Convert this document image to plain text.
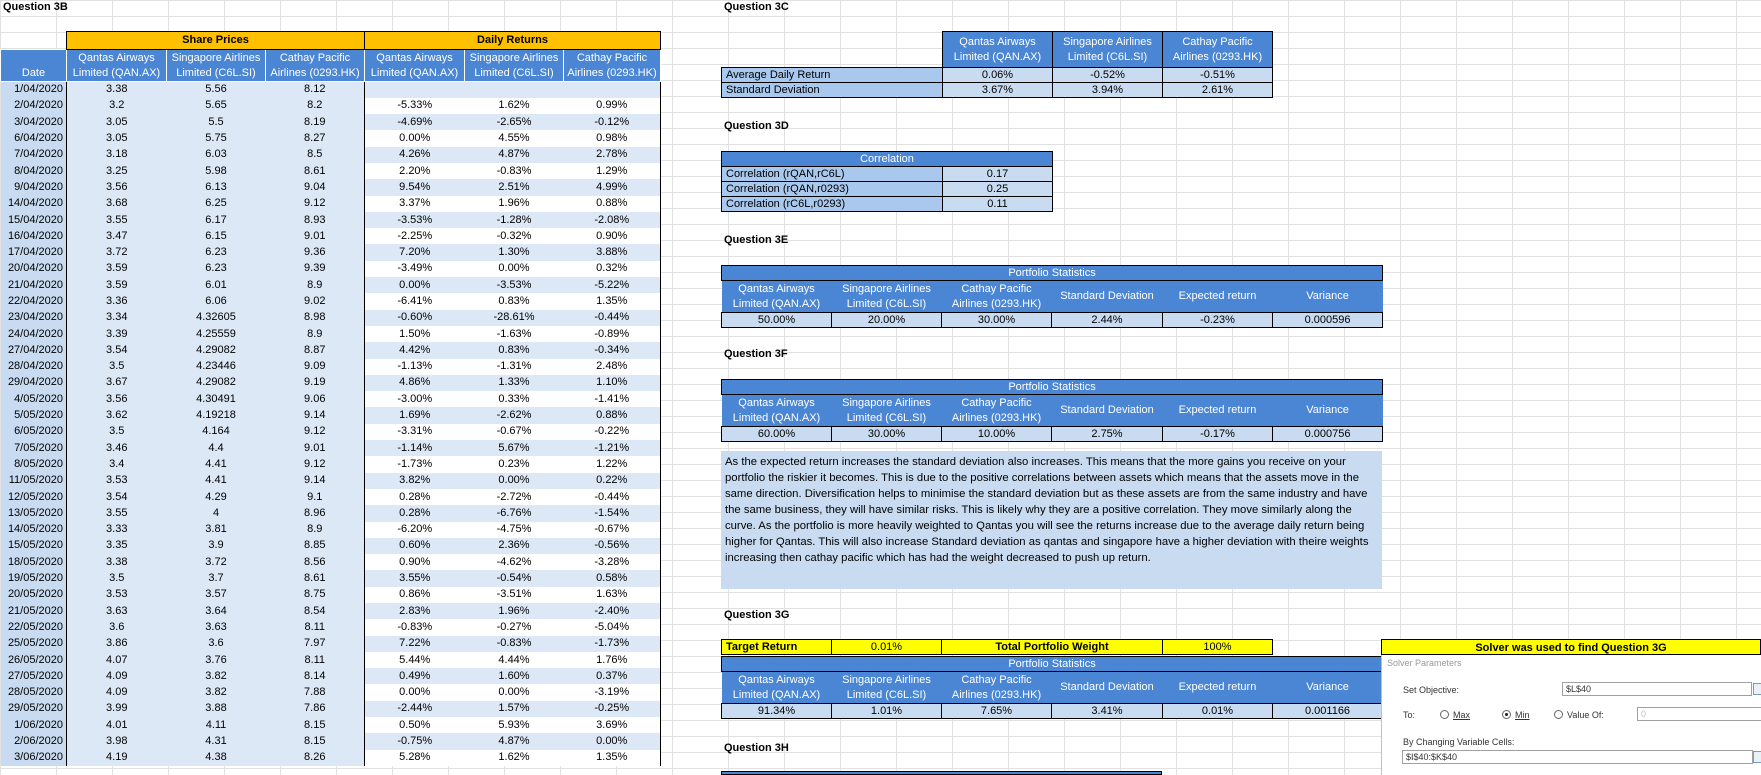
Question 3B
	Share Prices			Daily Returns		
Date	Qantas Airways Limited (QAN.AX)	Singapore Airlines Limited (C6L.SI)	Cathay Pacific Airlines (0293.HK)	Qantas Airways Limited (QAN.AX)	Singapore Airlines Limited (C6L.SI)	Cathay Pacific Airlines (0293.HK)
1/04/2020	3.38	5.56	8.12			
2/04/2020	3.2	5.65	8.2	-5.33%	1.62%	0.99%
3/04/2020	3.05	5.5	8.19	-4.69%	-2.65%	-0.12%
6/04/2020	3.05	5.75	8.27	0.00%	4.55%	0.98%
7/04/2020	3.18	6.03	8.5	4.26%	4.87%	2.78%
8/04/2020	3.25	5.98	8.61	2.20%	-0.83%	1.29%
9/04/2020	3.56	6.13	9.04	9.54%	2.51%	4.99%
14/04/2020	3.68	6.25	9.12	3.37%	1.96%	0.88%
15/04/2020	3.55	6.17	8.93	-3.53%	-1.28%	-2.08%
16/04/2020	3.47	6.15	9.01	-2.25%	-0.32%	0.90%
17/04/2020	3.72	6.23	9.36	7.20%	1.30%	3.88%
20/04/2020	3.59	6.23	9.39	-3.49%	0.00%	0.32%
21/04/2020	3.59	6.01	8.9	0.00%	-3.53%	-5.22%
22/04/2020	3.36	6.06	9.02	-6.41%	0.83%	1.35%
23/04/2020	3.34	4.32605	8.98	-0.60%	-28.61%	-0.44%
24/04/2020	3.39	4.25559	8.9	1.50%	-1.63%	-0.89%
27/04/2020	3.54	4.29082	8.87	4.42%	0.83%	-0.34%
28/04/2020	3.5	4.23446	9.09	-1.13%	-1.31%	2.48%
29/04/2020	3.67	4.29082	9.19	4.86%	1.33%	1.10%
4/05/2020	3.56	4.30491	9.06	-3.00%	0.33%	-1.41%
5/05/2020	3.62	4.19218	9.14	1.69%	-2.62%	0.88%
6/05/2020	3.5	4.164	9.12	-3.31%	-0.67%	-0.22%
7/05/2020	3.46	4.4	9.01	-1.14%	5.67%	-1.21%
8/05/2020	3.4	4.41	9.12	-1.73%	0.23%	1.22%
11/05/2020	3.53	4.41	9.14	3.82%	0.00%	0.22%
12/05/2020	3.54	4.29	9.1	0.28%	-2.72%	-0.44%
13/05/2020	3.55	4	8.96	0.28%	-6.76%	-1.54%
14/05/2020	3.33	3.81	8.9	-6.20%	-4.75%	-0.67%
15/05/2020	3.35	3.9	8.85	0.60%	2.36%	-0.56%
18/05/2020	3.38	3.72	8.56	0.90%	-4.62%	-3.28%
19/05/2020	3.5	3.7	8.61	3.55%	-0.54%	0.58%
20/05/2020	3.53	3.57	8.75	0.86%	-3.51%	1.63%
21/05/2020	3.63	3.64	8.54	2.83%	1.96%	-2.40%
22/05/2020	3.6	3.63	8.11	-0.83%	-0.27%	-5.04%
25/05/2020	3.86	3.6	7.97	7.22%	-0.83%	-1.73%
26/05/2020	4.07	3.76	8.11	5.44%	4.44%	1.76%
27/05/2020	4.09	3.82	8.14	0.49%	1.60%	0.37%
28/05/2020	4.09	3.82	7.88	0.00%	0.00%	-3.19%
29/05/2020	3.99	3.88	7.86	-2.44%	1.57%	-0.25%
1/06/2020	4.01	4.11	8.15	0.50%	5.93%	3.69%
2/06/2020	3.98	4.31	8.15	-0.75%	4.87%	0.00%
3/06/2020	4.19	4.38	8.26	5.28%	1.62%	1.35%
Question 3C
	Qantas Airways Limited (QAN.AX)	Singapore Airlines Limited (C6L.SI)	Cathay Pacific Airlines (0293.HK)
Average Daily Return	0.06%	-0.52%	-0.51%
Standard Deviation	3.67%	3.94%	2.61%
Question 3D
Correlation	
Correlation (rQAN,rC6L)	0.17
Correlation (rQAN,r0293)	0.25
Correlation (rC6L,r0293)	0.11
Question 3E
Portfolio Statistics					
Qantas Airways Limited (QAN.AX)	Singapore Airlines Limited (C6L.SI)	Cathay Pacific Airlines (0293.HK)	Standard Deviation	Expected return	Variance
50.00%	20.00%	30.00%	2.44%	-0.23%	0.000596
Question 3F
Portfolio Statistics					
Qantas Airways Limited (QAN.AX)	Singapore Airlines Limited (C6L.SI)	Cathay Pacific Airlines (0293.HK)	Standard Deviation	Expected return	Variance
60.00%	30.00%	10.00%	2.75%	-0.17%	0.000756
As the expected return increases the standard deviation also increases. This means that the more gains you receive on your portfolio the riskier it becomes. This is due to the positive correlations between assets which means that the assets move in the same direction. Diversification helps to minimise the standard deviation but as these assets are from the same industry and have the same business, they will have similar risks. This is likely why they are a positive correlation. They move similarly along the curve. As the portfolio is more heavily weighted to Qantas you will see the returns increase due to the average daily return being higher for Qantas. This will also increase Standard deviation as qantas and singapore have a higher deviation with theire weights increasing then cathay pacific which has had the weight decreased to push up return.
Question 3G
Target Return	0.01%	Total Portfolio Weight	100%
Portfolio Statistics					
Qantas Airways Limited (QAN.AX)	Singapore Airlines Limited (C6L.SI)	Cathay Pacific Airlines (0293.HK)	Standard Deviation	Expected return	Variance
91.34%	1.01%	7.65%	3.41%	0.01%	0.001166
Question 3H
Solver was used to find Question 3G
Solver Parameters
Set Objective:	$L$40
To:	Max	Min	Value Of:	0
By Changing Variable Cells:
$I$40:$K$40
